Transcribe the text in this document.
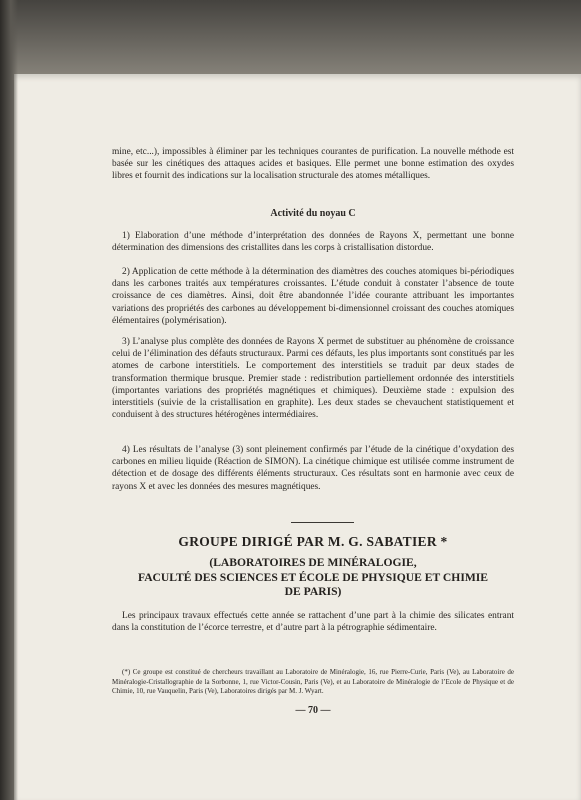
mine, etc...), impossibles à éliminer par les techniques courantes de purification. La nouvelle méthode est basée sur les cinétiques des attaques acides et basiques. Elle permet une bonne estimation des oxydes libres et fournit des indications sur la localisation structurale des atomes métalliques.

Activité du noyau C

1) Elaboration d’une méthode d’interprétation des données de Rayons X, permettant une bonne détermination des dimensions des cristallites dans les corps à cristallisation distordue.

2) Application de cette méthode à la détermination des diamètres des couches atomiques bi-périodiques dans les carbones traités aux températures croissantes. L’étude conduit à constater l’absence de toute croissance de ces diamètres. Ainsi, doit être abandonnée l’idée courante attribuant les importantes variations des propriétés des carbones au développement bi-dimensionnel croissant des couches atomiques élémentaires (polymérisation).

3) L’analyse plus complète des données de Rayons X permet de substituer au phénomène de croissance celui de l’élimination des défauts structuraux. Parmi ces défauts, les plus importants sont constitués par les atomes de carbone interstitiels. Le comportement des interstitiels se traduit par deux stades de transformation thermique brusque. Premier stade : redistribution partiellement ordonnée des interstitiels (importantes variations des propriétés magnétiques et chimiques). Deuxième stade : expulsion des interstitiels (suivie de la cristallisation en graphite). Les deux stades se chevauchent statistiquement et conduisent à des structures hétérogènes intermédiaires.

4) Les résultats de l’analyse (3) sont pleinement confirmés par l’étude de la cinétique d’oxydation des carbones en milieu liquide (Réaction de SIMON). La cinétique chimique est utilisée comme instrument de détection et de dosage des différents éléments structuraux. Ces résultats sont en harmonie avec ceux de rayons X et avec les données des mesures magnétiques.

GROUPE DIRIGÉ PAR M. G. SABATIER *
(LABORATOIRES DE MINÉRALOGIE,
FACULTÉ DES SCIENCES ET ÉCOLE DE PHYSIQUE ET CHIMIE
DE PARIS)

Les principaux travaux effectués cette année se rattachent d’une part à la chimie des silicates entrant dans la constitution de l’écorce terrestre, et d’autre part à la pétrographie sédimentaire.

(*) Ce groupe est constitué de chercheurs travaillant au Laboratoire de Minéralogie, 16, rue Pierre-Curie, Paris (Ve), au Laboratoire de Minéralogie-Cristallographie de la Sorbonne, 1, rue Victor-Cousin, Paris (Ve), et au Laboratoire de Minéralogie de l’Ecole de Physique et de Chimie, 10, rue Vauquelin, Paris (Ve), Laboratoires dirigés par M. J. Wyart.

— 70 —
